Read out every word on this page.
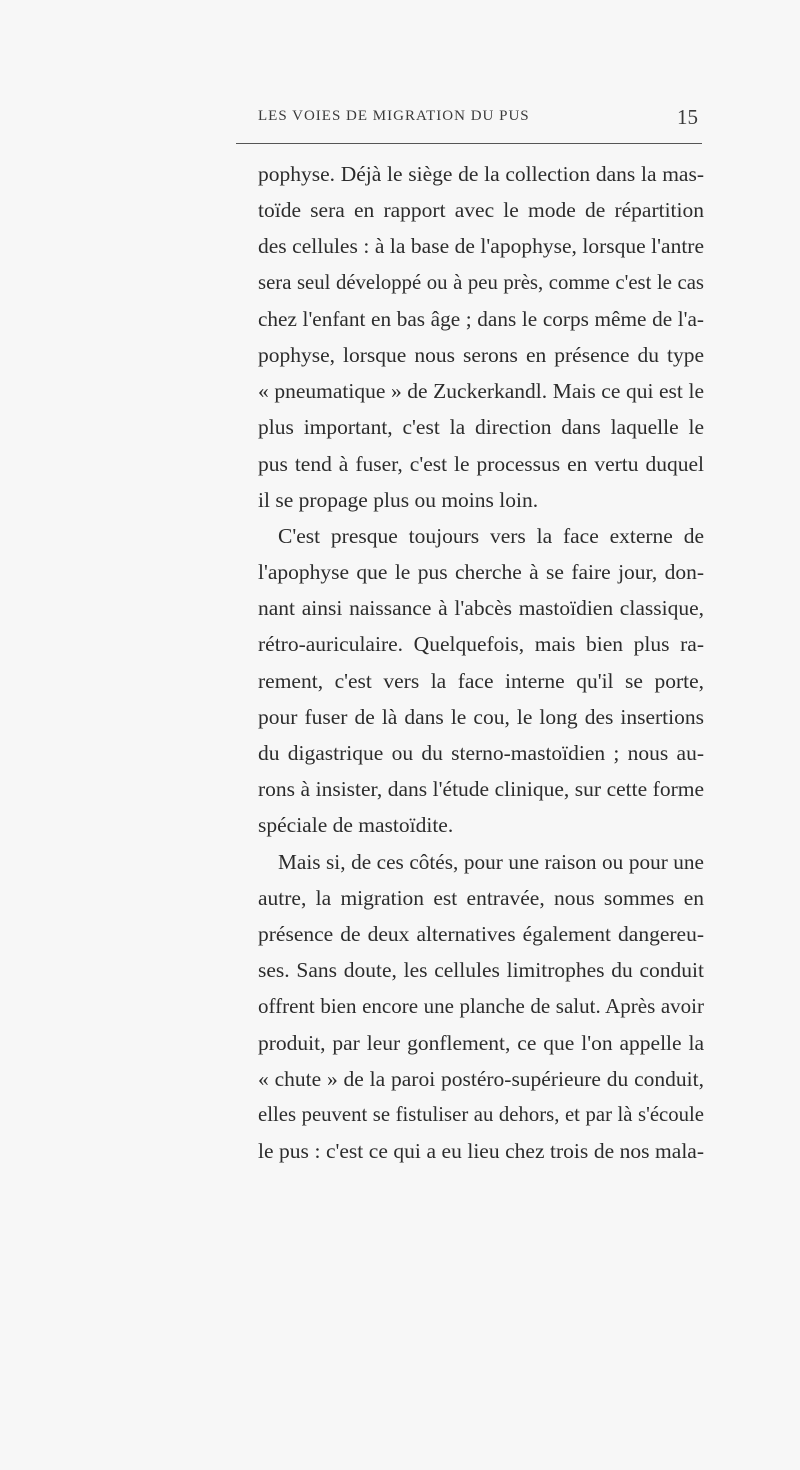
LES VOIES DE MIGRATION DU PUS	15
pophyse. Déjà le siège de la collection dans la mas-
toïde sera en rapport avec le mode de répartition
des cellules : à la base de l'apophyse, lorsque l'antre
sera seul développé ou à peu près, comme c'est le cas
chez l'enfant en bas âge ; dans le corps même de l'a-
pophyse, lorsque nous serons en présence du type
« pneumatique » de Zuckerkandl. Mais ce qui est le
plus important, c'est la direction dans laquelle le
pus tend à fuser, c'est le processus en vertu duquel
il se propage plus ou moins loin.
C'est presque toujours vers la face externe de
l'apophyse que le pus cherche à se faire jour, don-
nant ainsi naissance à l'abcès mastoïdien classique,
rétro-auriculaire. Quelquefois, mais bien plus ra-
rement, c'est vers la face interne qu'il se porte,
pour fuser de là dans le cou, le long des insertions
du digastrique ou du sterno-mastoïdien ; nous au-
rons à insister, dans l'étude clinique, sur cette forme
spéciale de mastoïdite.
Mais si, de ces côtés, pour une raison ou pour une
autre, la migration est entravée, nous sommes en
présence de deux alternatives également dangereu-
ses. Sans doute, les cellules limitrophes du conduit
offrent bien encore une planche de salut. Après avoir
produit, par leur gonflement, ce que l'on appelle la
« chute » de la paroi postéro-supérieure du conduit,
elles peuvent se fistuliser au dehors, et par là s'écoule
le pus : c'est ce qui a eu lieu chez trois de nos mala-
